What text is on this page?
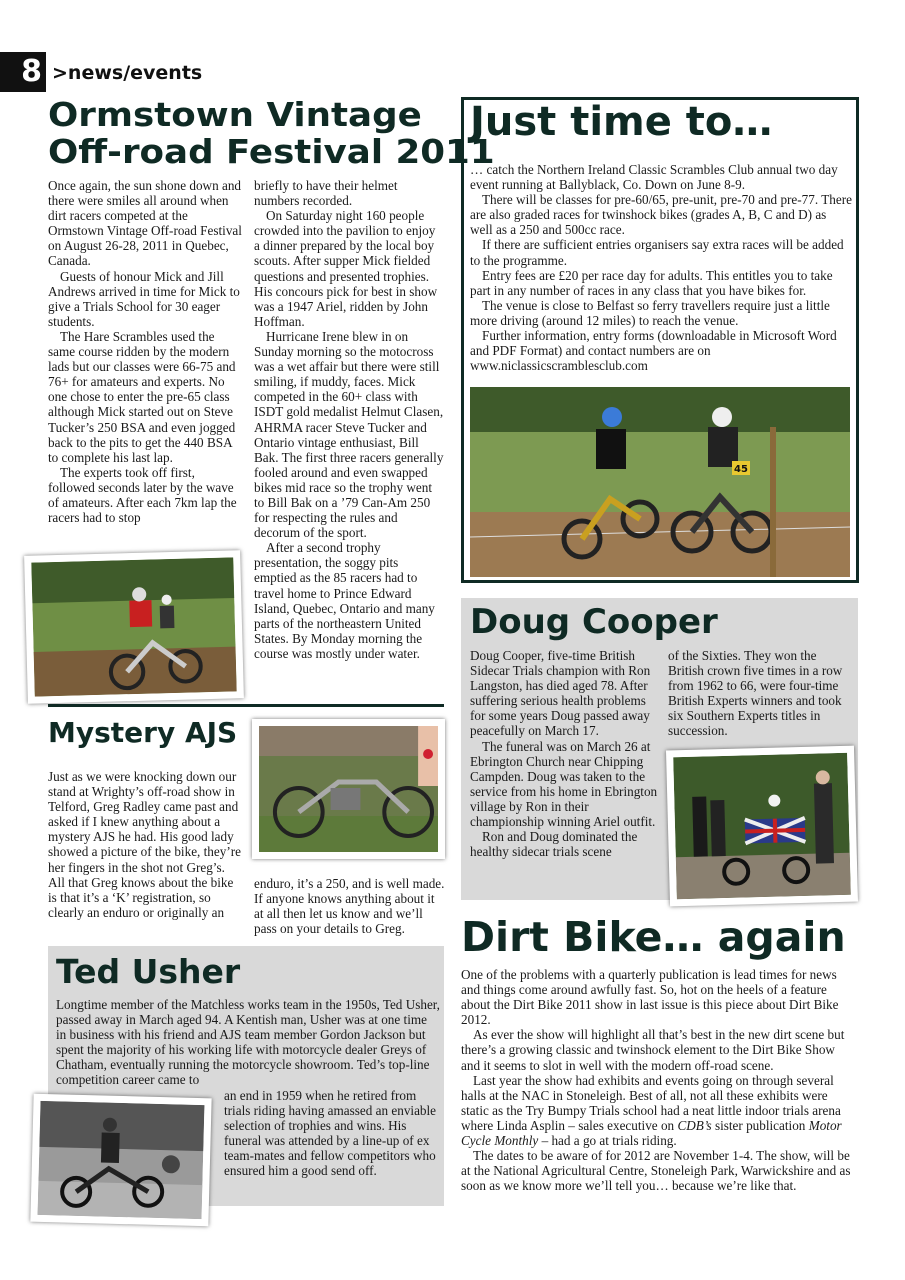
8 >news/events
Ormstown Vintage
Off-road Festival 2011

Once again, the sun shone down and there were smiles all around when dirt racers competed at the Ormstown Vintage Off-road Festival on August 26-28, 2011 in Quebec, Canada.

Guests of honour Mick and Jill Andrews arrived in time for Mick to give a Trials School for 30 eager students.

The Hare Scrambles used the same course ridden by the modern lads but our classes were 66-75 and 76+ for amateurs and experts. No one chose to enter the pre-65 class although Mick started out on Steve Tucker’s 250 BSA and even jogged back to the pits to get the 440 BSA to complete his last lap.

The experts took off first, followed seconds later by the wave of amateurs. After each 7km lap the racers had to stop

briefly to have their helmet numbers recorded.

On Saturday night 160 people crowded into the pavilion to enjoy a dinner prepared by the local boy scouts. After supper Mick fielded questions and presented trophies. His concours pick for best in show was a 1947 Ariel, ridden by John Hoffman.

Hurricane Irene blew in on Sunday morning so the motocross was a wet affair but there were still smiling, if muddy, faces. Mick competed in the 60+ class with ISDT gold medalist Helmut Clasen, AHRMA racer Steve Tucker and Ontario vintage enthusiast, Bill Bak. The first three racers generally fooled around and even swapped bikes mid race so the trophy went to Bill Bak on a ’79 Can-Am 250 for respecting the rules and decorum of the sport.

After a second trophy presentation, the soggy pits emptied as the 85 racers had to travel home to Prince Edward Island, Quebec, Ontario and many parts of the northeastern United States. By Monday morning the course was mostly under water.

Mystery AJS

Just as we were knocking down our stand at Wrighty’s off-road show in Telford, Greg Radley came past and asked if I knew anything about a mystery AJS he had. His good lady showed a picture of the bike, they’re her fingers in the shot not Greg’s. All that Greg knows about the bike is that it’s a ‘K’ registration, so clearly an enduro or originally an

enduro, it’s a 250, and is well made. If anyone knows anything about it at all then let us know and we’ll pass on your details to Greg.

Ted Usher
Longtime member of the Matchless works team in the 1950s, Ted Usher, passed away in March aged 94. A Kentish man, Usher was at one time in business with his friend and AJS team member Gordon Jackson but spent the majority of his working life with motorcycle dealer Greys of Chatham, eventually running the motorcycle showroom. Ted’s top-line competition career came to
an end in 1959 when he retired from trials riding having amassed an enviable selection of trophies and wins. His funeral was attended by a line-up of ex team-mates and fellow competitors who ensured him a good send off.
Just time to…

… catch the Northern Ireland Classic Scrambles Club annual two day event running at Ballyblack, Co. Down on June 8-9.

There will be classes for pre-60/65, pre-unit, pre-70 and pre-77. There are also graded races for twinshock bikes (grades A, B, C and D) as well as a 250 and 500cc race.

If there are sufficient entries organisers say extra races will be added to the programme.

Entry fees are £20 per race day for adults. This entitles you to take part in any number of races in any class that you have bikes for.

The venue is close to Belfast so ferry travellers require just a little more driving (around 12 miles) to reach the venue.

Further information, entry forms (downloadable in Microsoft Word and PDF Format) and contact numbers are on www.niclassicscramblesclub.com

45
Doug Cooper

Doug Cooper, five-time British Sidecar Trials champion with Ron Langston, has died aged 78. After suffering serious health problems for some years Doug passed away peacefully on March 17.

The funeral was on March 26 at Ebrington Church near Chipping Campden. Doug was taken to the service from his home in Ebrington village by Ron in their championship winning Ariel outfit.

Ron and Doug dominated the healthy sidecar trials scene

of the Sixties. They won the British crown five times in a row from 1962 to 66, were four-time British Experts winners and took six Southern Experts titles in succession.

Dirt Bike… again

One of the problems with a quarterly publication is lead times for news and things come around awfully fast. So, hot on the heels of a feature about the Dirt Bike 2011 show in last issue is this piece about Dirt Bike 2012.

As ever the show will highlight all that’s best in the new dirt scene but there’s a growing classic and twinshock element to the Dirt Bike Show and it seems to slot in well with the modern off-road scene.

Last year the show had exhibits and events going on through several halls at the NAC in Stoneleigh. Best of all, not all these exhibits were static as the Try Bumpy Trials school had a neat little indoor trials arena where Linda Asplin – sales executive on CDB’s sister publication Motor Cycle Monthly – had a go at trials riding.

The dates to be aware of for 2012 are November 1-4. The show, will be at the National Agricultural Centre, Stoneleigh Park, Warwickshire and as soon as we know more we’ll tell you… because we’re like that.
